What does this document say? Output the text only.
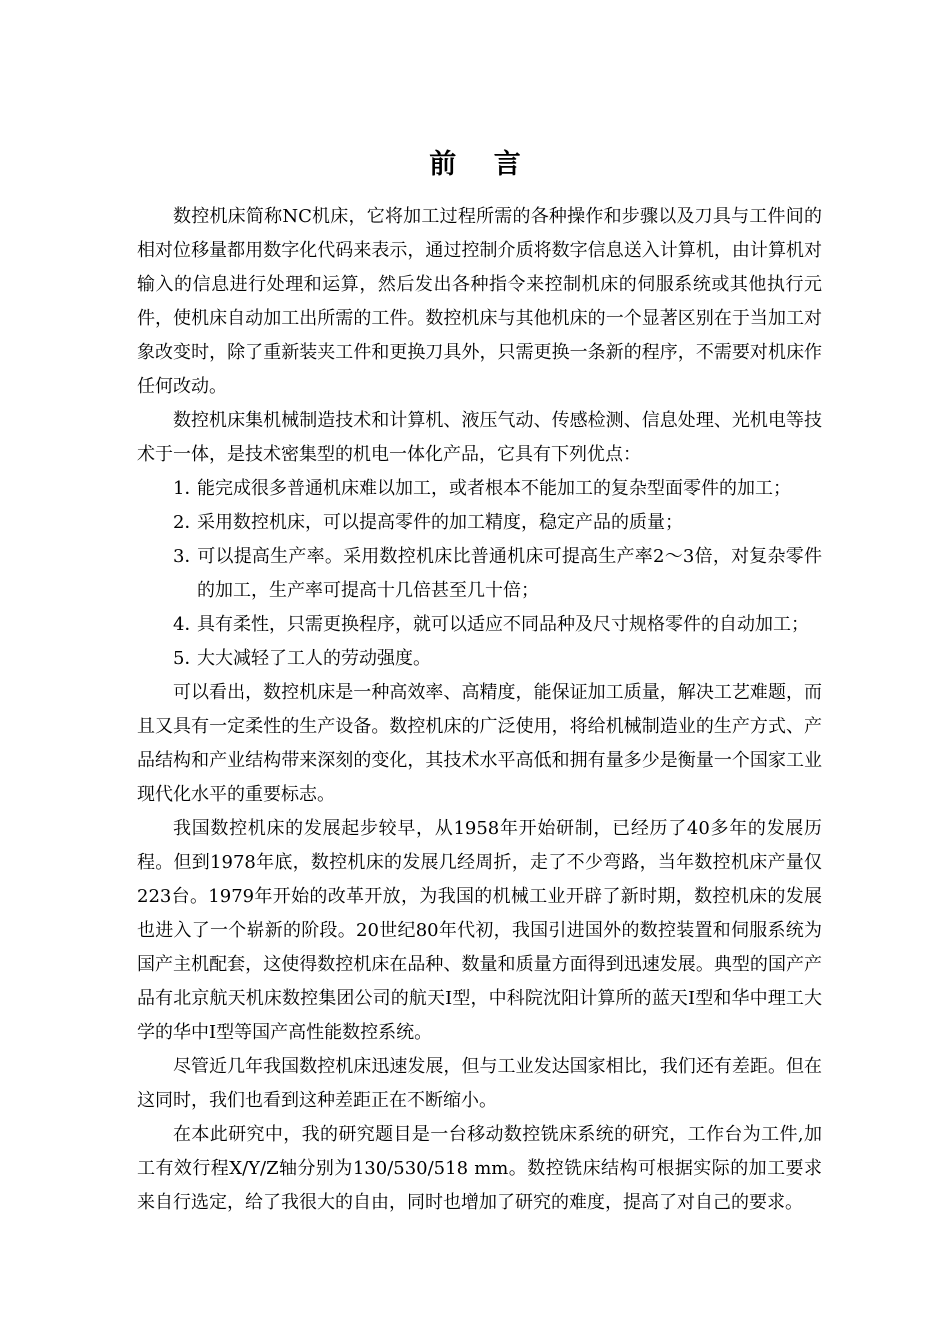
前 言

数控机床简称NC机床，它将加工过程所需的各种操作和步骤以及刀具与工件间的相对位移量都用数字化代码来表示，通过控制介质将数字信息送入计算机，由计算机对输入的信息进行处理和运算，然后发出各种指令来控制机床的伺服系统或其他执行元件，使机床自动加工出所需的工件。数控机床与其他机床的一个显著区别在于当加工对象改变时，除了重新装夹工件和更换刀具外，只需更换一条新的程序，不需要对机床作任何改动。

数控机床集机械制造技术和计算机、液压气动、传感检测、信息处理、光机电等技术于一体，是技术密集型的机电一体化产品，它具有下列优点：

1．能完成很多普通机床难以加工，或者根本不能加工的复杂型面零件的加工；

2．采用数控机床，可以提高零件的加工精度，稳定产品的质量；

3．可以提高生产率。采用数控机床比普通机床可提高生产率2～3倍，对复杂零件的加工，生产率可提高十几倍甚至几十倍；

4．具有柔性，只需更换程序，就可以适应不同品种及尺寸规格零件的自动加工；

5．大大减轻了工人的劳动强度。

可以看出，数控机床是一种高效率、高精度，能保证加工质量，解决工艺难题，而且又具有一定柔性的生产设备。数控机床的广泛使用，将给机械制造业的生产方式、产品结构和产业结构带来深刻的变化，其技术水平高低和拥有量多少是衡量一个国家工业现代化水平的重要标志。

我国数控机床的发展起步较早，从1958年开始研制，已经历了40多年的发展历程。但到1978年底，数控机床的发展几经周折，走了不少弯路，当年数控机床产量仅223台。1979年开始的改革开放，为我国的机械工业开辟了新时期，数控机床的发展也进入了一个崭新的阶段。20世纪80年代初，我国引进国外的数控装置和伺服系统为国产主机配套，这使得数控机床在品种、数量和质量方面得到迅速发展。典型的国产产品有北京航天机床数控集团公司的航天Ⅰ型，中科院沈阳计算所的蓝天Ⅰ型和华中理工大学的华中Ⅰ型等国产高性能数控系统。

尽管近几年我国数控机床迅速发展，但与工业发达国家相比，我们还有差距。但在这同时，我们也看到这种差距正在不断缩小。

在本此研究中，我的研究题目是一台移动数控铣床系统的研究，工作台为工件,加工有效行程X/Y/Z轴分别为130/530/518 mm。数控铣床结构可根据实际的加工要求来自行选定，给了我很大的自由，同时也增加了研究的难度，提高了对自己的要求。
